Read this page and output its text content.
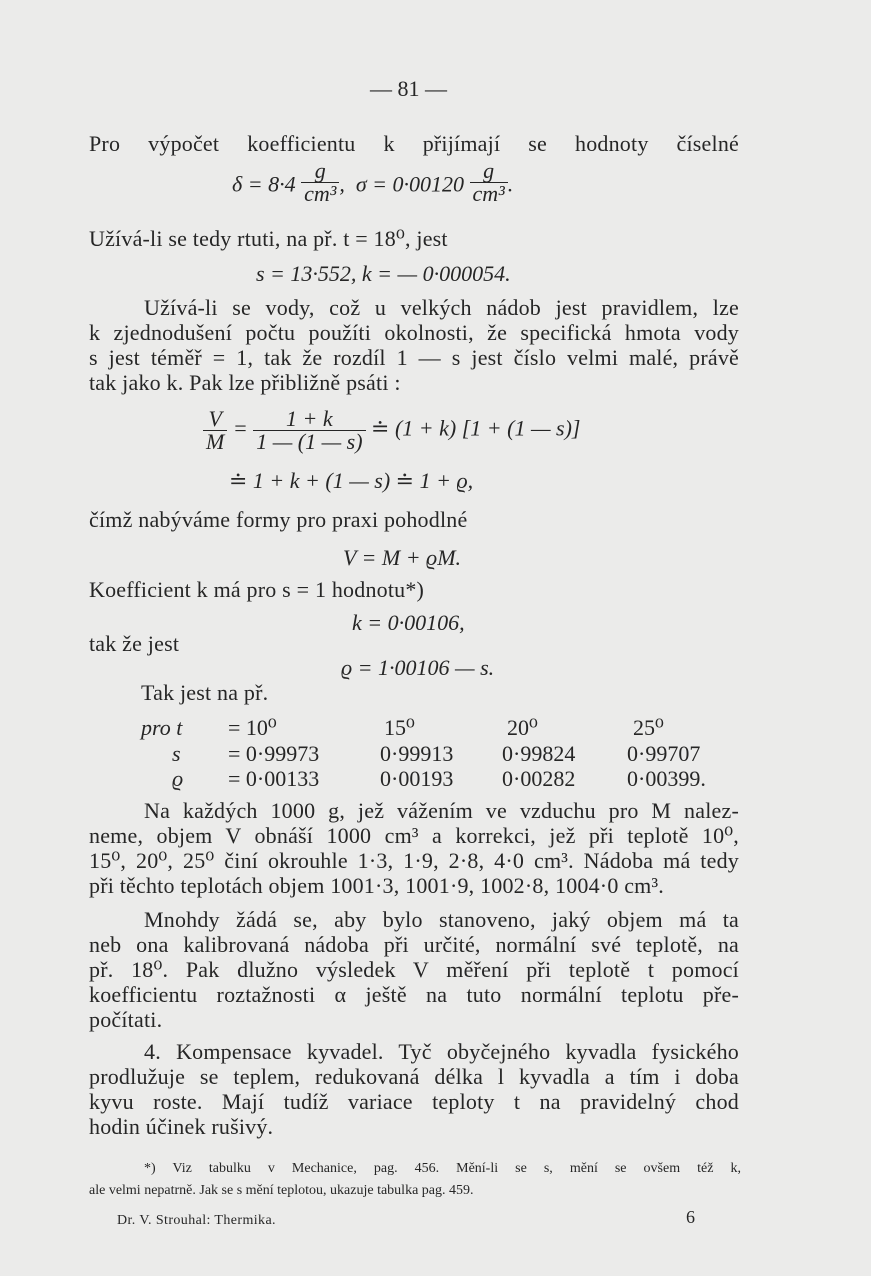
— 81 —
Pro výpočet koefficientu k přijímají se hodnoty číselné
$\delta = 8\cdot 4 \frac{g}{\text{cm³}}$ , $\sigma = 0\cdot 00120 \frac{g}{\text{cm³}}$ .
Užívá-li se tedy rtuti, na př. t = 18⁰, jest
s = 13·552, k = — 0·000054.
Užívá-li se vody, což u velkých nádob jest pravidlem, lze
k zjednodušení počtu použíti okolnosti, že specifická hmota vody
s jest téměř = 1, tak že rozdíl 1 — s jest číslo velmi malé, právě
tak jako k. Pak lze přibližně psáti :
$\frac{V}{M} = \frac{1 + k}{1 — (1 — s)}$ ≐ (1 + k) [1 + (1 — s)]
≐ 1 + k + (1 — s) ≐ 1 + ϱ,
čímž nabýváme formy pro praxi pohodlné
V = M + ϱM.
Koefficient k má pro s = 1 hodnotu*)
k = 0·00106,
tak že jest
ϱ = 1·00106 — s.
Tak jest na př.
pro t = 10⁰	15⁰	20⁰	25⁰
s = 0·99973	0·99913 0·99824 0·99707
ϱ = 0·00133	0·00193 0·00282 0·00399.
Na každých 1000 g, jež vážením ve vzduchu pro M nalez-
neme, objem V obnáší 1000 cm³ a korrekci, jež při teplotě 10⁰,
15⁰, 20⁰, 25⁰ činí okrouhle 1·3, 1·9, 2·8, 4·0 cm³. Nádoba má tedy
při těchto teplotách objem 1001·3, 1001·9, 1002·8, 1004·0 cm³.
Mnohdy žádá se, aby bylo stanoveno, jaký objem má ta
neb ona kalibrovaná nádoba při určité, normální své teplotě, na
př. 18⁰. Pak dlužno výsledek V měření při teplotě t pomocí
koefficientu roztažnosti α ještě na tuto normální teplotu pře-
počítati.
4. Kompensace kyvadel. Tyč obyčejného kyvadla fysického
prodlužuje se teplem, redukovaná délka l kyvadla a tím i doba
kyvu roste. Mají tudíž variace teploty t na pravidelný chod
hodin účinek rušivý.
*) Viz tabulku v Mechanice, pag. 456. Mění-li se s, mění se ovšem též k,
ale velmi nepatrně. Jak se s mění teplotou, ukazuje tabulka pag. 459.
Dr. V. Strouhal: Thermika.	6
